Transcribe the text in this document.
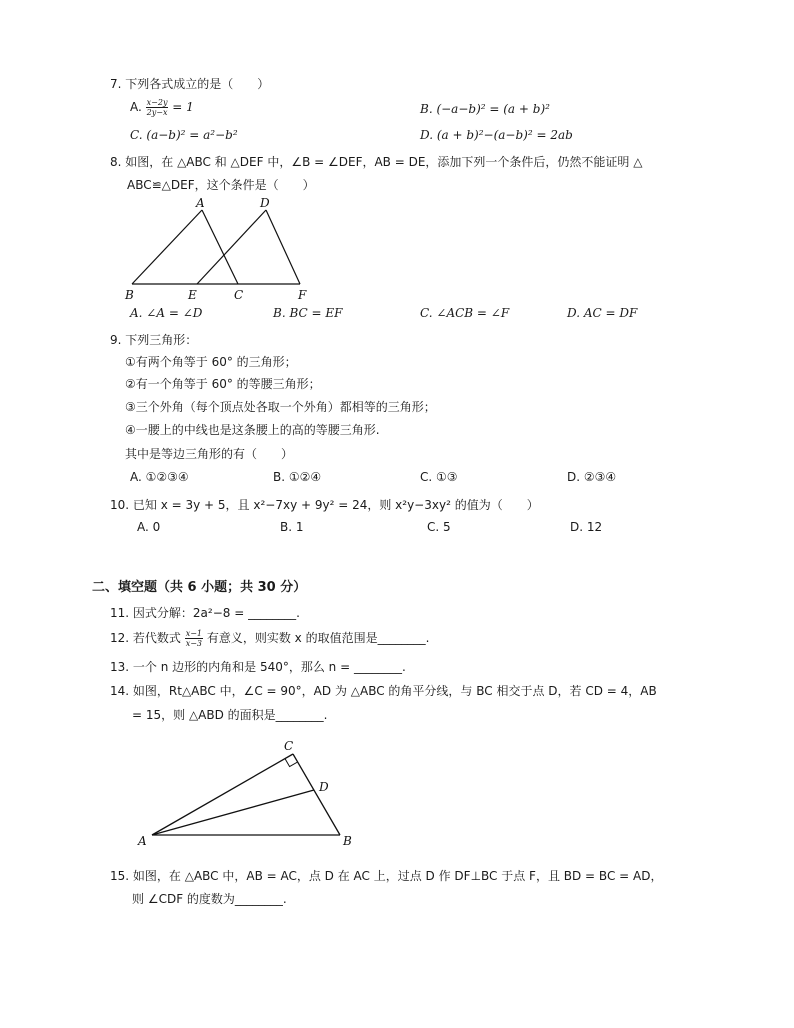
7. 下列各式成立的是（　　）
A. $\frac{x-2y}{2y-x} = 1$	B. (−a−b)² = (a + b)²
C. (a−b)² = a²−b²	D. (a + b)²−(a−b)² = 2ab
8. 如图，在 △ABC 和 △DEF 中，∠B = ∠DEF，AB = DE，添加下列一个条件后，仍然不能证明 △
ABC≌△DEF，这个条件是（　　）
A	D
B	E	C	F
A. ∠A = ∠D	B. BC = EF	C. ∠ACB = ∠F	D. AC = DF
9. 下列三角形：
①有两个角等于 60° 的三角形；
②有一个角等于 60° 的等腰三角形；
③三个外角（每个顶点处各取一个外角）都相等的三角形；
④一腰上的中线也是这条腰上的高的等腰三角形.
其中是等边三角形的有（　　）
A. ①②③④	B. ①②④	C. ①③	D. ②③④
10. 已知 x = 3y + 5，且 x²−7xy + 9y² = 24，则 x²y−3xy² 的值为（　　）
A. 0	B. 1	C. 5	D. 12
二、填空题（共 6 小题；共 30 分）
11. 因式分解：2a²−8 = ________.
12. 若代数式 $\frac{x-1}{x-3}$ 有意义，则实数 x 的取值范围是________.
13. 一个 n 边形的内角和是 540°，那么 n = ________.
14. 如图，Rt△ABC 中，∠C = 90°，AD 为 △ABC 的角平分线，与 BC 相交于点 D，若 CD = 4，AB
= 15，则 △ABD 的面积是________.
C
D
A	B
15. 如图，在 △ABC 中，AB = AC，点 D 在 AC 上，过点 D 作 DF⊥BC 于点 F，且 BD = BC = AD，
则 ∠CDF 的度数为________.
